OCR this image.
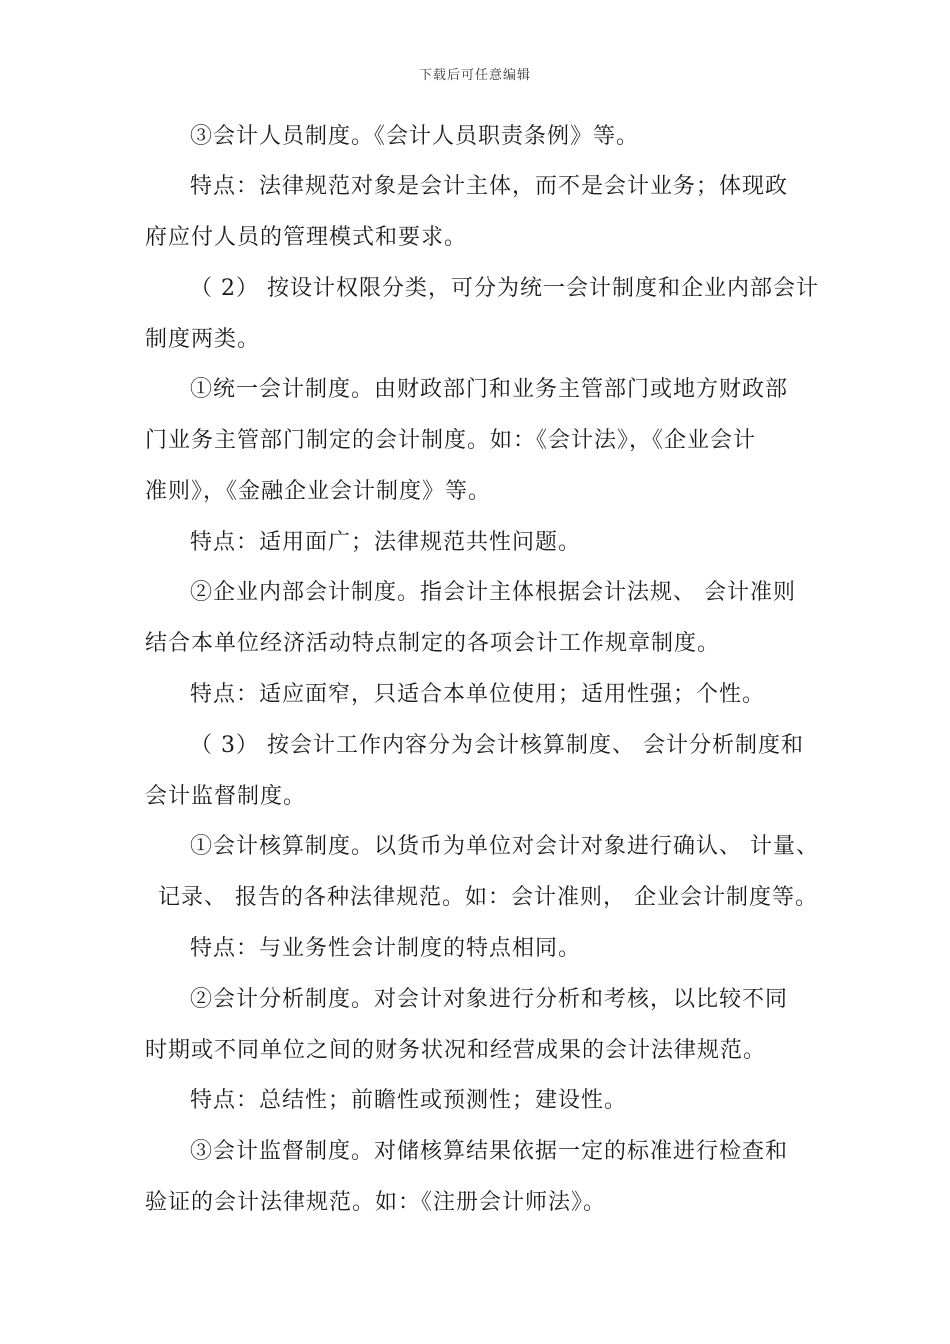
下载后可任意编辑
③会计人员制度。《会计人员职责条例》等。
特点：法律规范对象是会计主体，而不是会计业务；体现政
府应付人员的管理模式和要求。
（ 2） 按设计权限分类，可分为统一会计制度和企业内部会计
制度两类。
①统一会计制度。由财政部门和业务主管部门或地方财政部
门业务主管部门制定的会计制度。如：《会计法》，《企业会计
准则》，《金融企业会计制度》等。
特点：适用面广；法律规范共性问题。
②企业内部会计制度。指会计主体根据会计法规、 会计准则
结合本单位经济活动特点制定的各项会计工作规章制度。
特点：适应面窄，只适合本单位使用；适用性强；个性。
（ 3） 按会计工作内容分为会计核算制度、 会计分析制度和
会计监督制度。
①会计核算制度。以货币为单位对会计对象进行确认、 计量、
记录、 报告的各种法律规范。如：会计准则， 企业会计制度等。
特点：与业务性会计制度的特点相同。
②会计分析制度。对会计对象进行分析和考核，以比较不同
时期或不同单位之间的财务状况和经营成果的会计法律规范。
特点：总结性；前瞻性或预测性；建设性。
③会计监督制度。对储核算结果依据一定的标准进行检查和
验证的会计法律规范。如：《注册会计师法》。
